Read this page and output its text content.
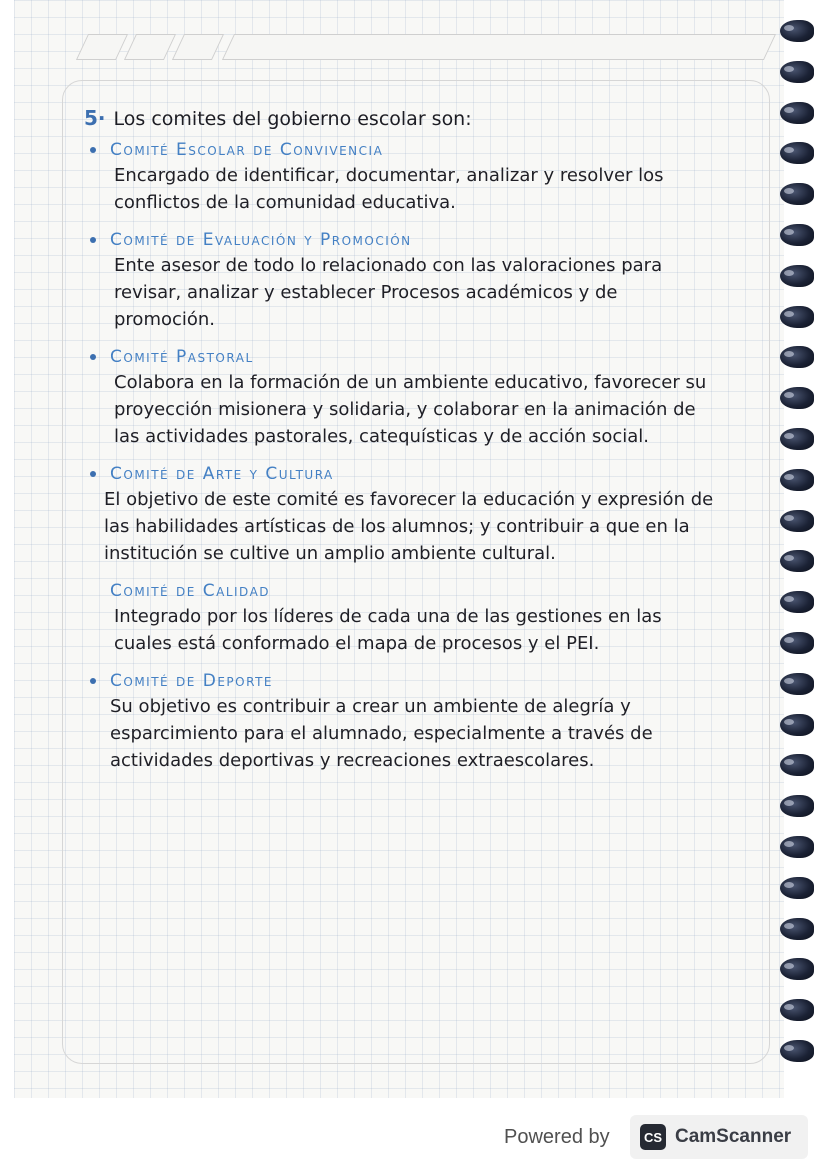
5· Los comites del gobierno escolar son:
Comité Escolar de Convivencia
Encargado de identificar, documentar, analizar y resolver los conflictos de la comunidad educativa.
Comité de Evaluación y Promoción
Ente asesor de todo lo relacionado con las valoraciones para revisar, analizar y establecer Procesos académicos y de promoción.
Comité Pastoral
Colabora en la formación de un ambiente educativo, favorecer su proyección misionera y solidaria, y colaborar en la animación de las actividades pastorales, catequísticas y de acción social.
Comité de Arte y Cultura
El objetivo de este comité es favorecer la educación y expresión de las habilidades artísticas de los alumnos; y contribuir a que en la institución se cultive un amplio ambiente cultural.
Comité de Calidad
Integrado por los líderes de cada una de las gestiones en las cuales está conformado el mapa de procesos y el PEI.
Comité de Deporte
Su objetivo es contribuir a crear un ambiente de alegría y esparcimiento para el alumnado, especialmente a través de actividades deportivas y recreaciones extraescolares.
Powered by	CS CamScanner
